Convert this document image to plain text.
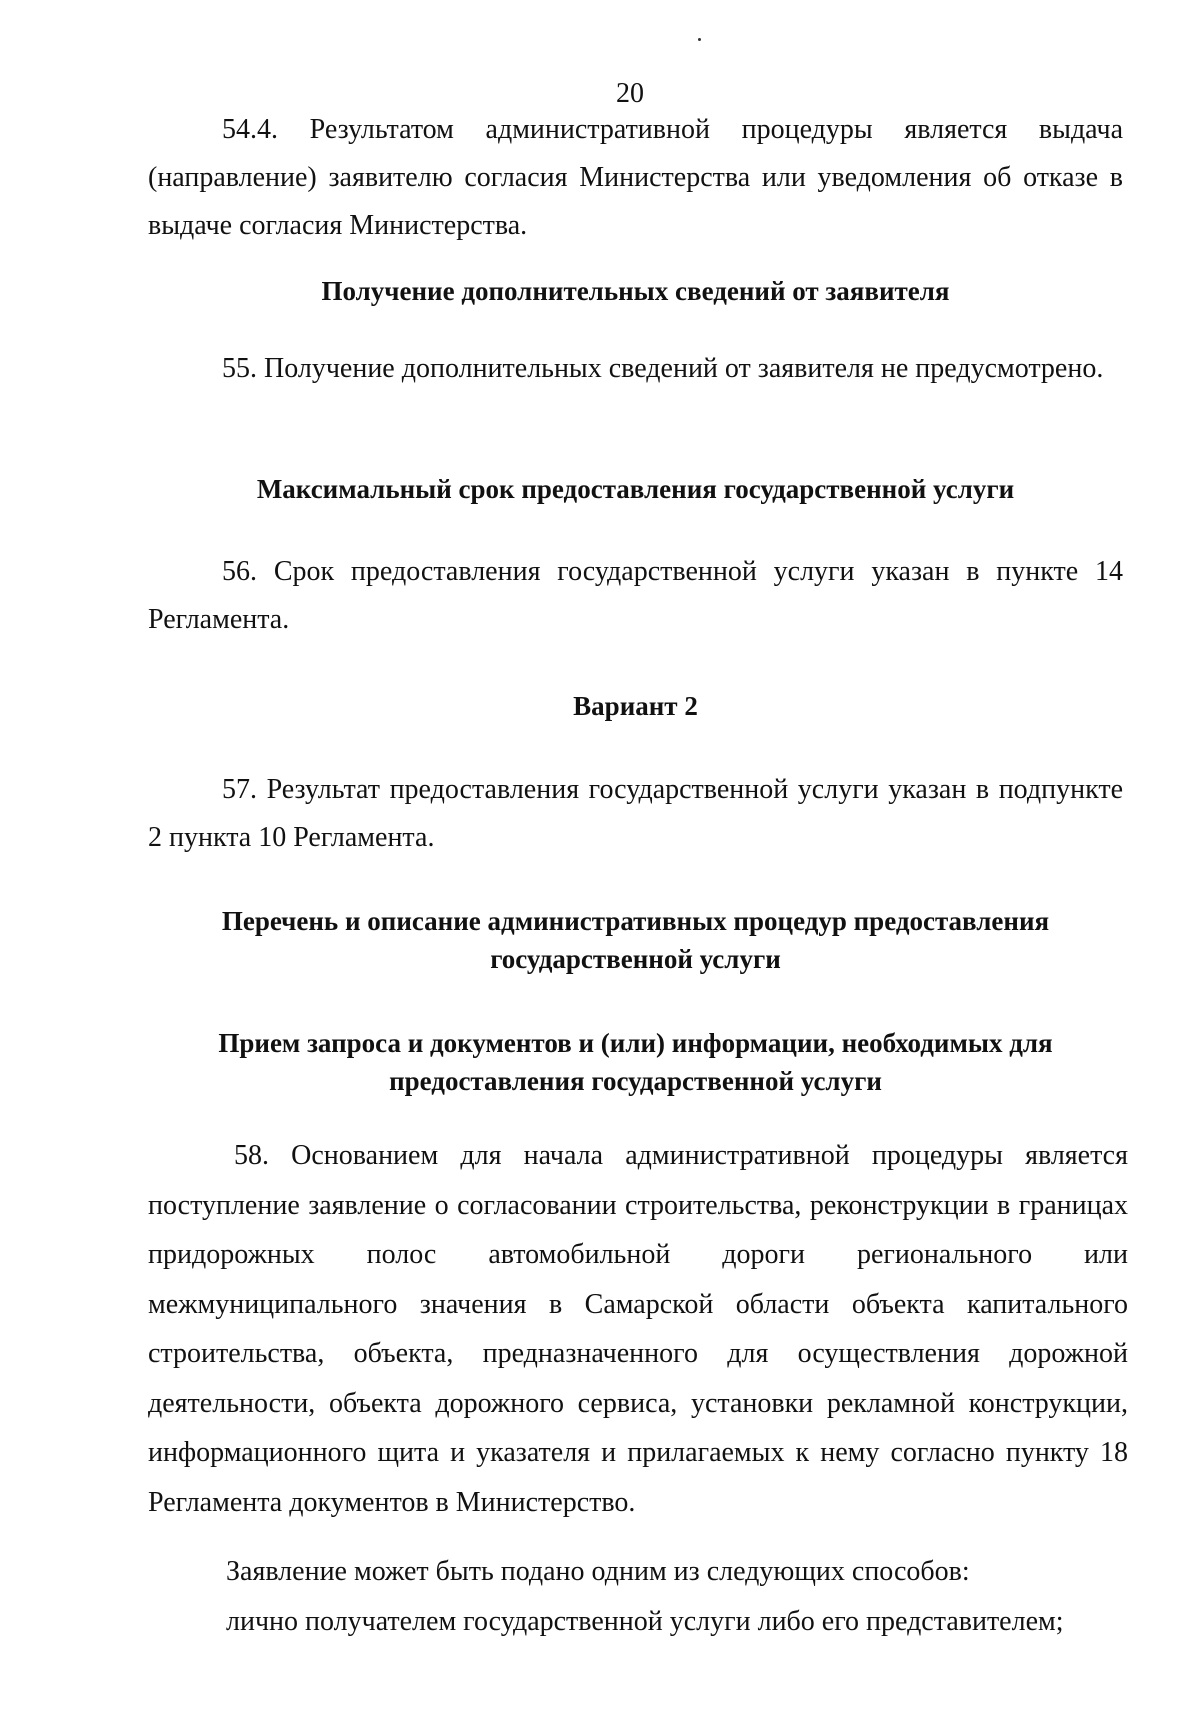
20

54.4. Результатом административной процедуры является выдача (направление) заявителю согласия Министерства или уведомления об отказе в выдаче согласия Министерства.

Получение дополнительных сведений от заявителя

55. Получение дополнительных сведений от заявителя не предусмотрено.

Максимальный срок предоставления государственной услуги

56. Срок предоставления государственной услуги указан в пункте 14 Регламента.

Вариант 2

57. Результат предоставления государственной услуги указан в подпункте 2 пункта 10 Регламента.

Перечень и описание административных процедур предоставления
государственной услуги
Прием запроса и документов и (или) информации, необходимых для
предоставления государственной услуги

58. Основанием для начала административной процедуры является поступление заявление о согласовании строительства, реконструкции в границах придорожных полос автомобильной дороги регионального или межмуниципального значения в Самарской области объекта капитального строительства, объекта, предназначенного для осуществления дорожной деятельности, объекта дорожного сервиса, установки рекламной конструкции, информационного щита и указателя и прилагаемых к нему согласно пункту 18 Регламента документов в Министерство.

Заявление может быть подано одним из следующих способов:
лично получателем государственной услуги либо его представителем;
